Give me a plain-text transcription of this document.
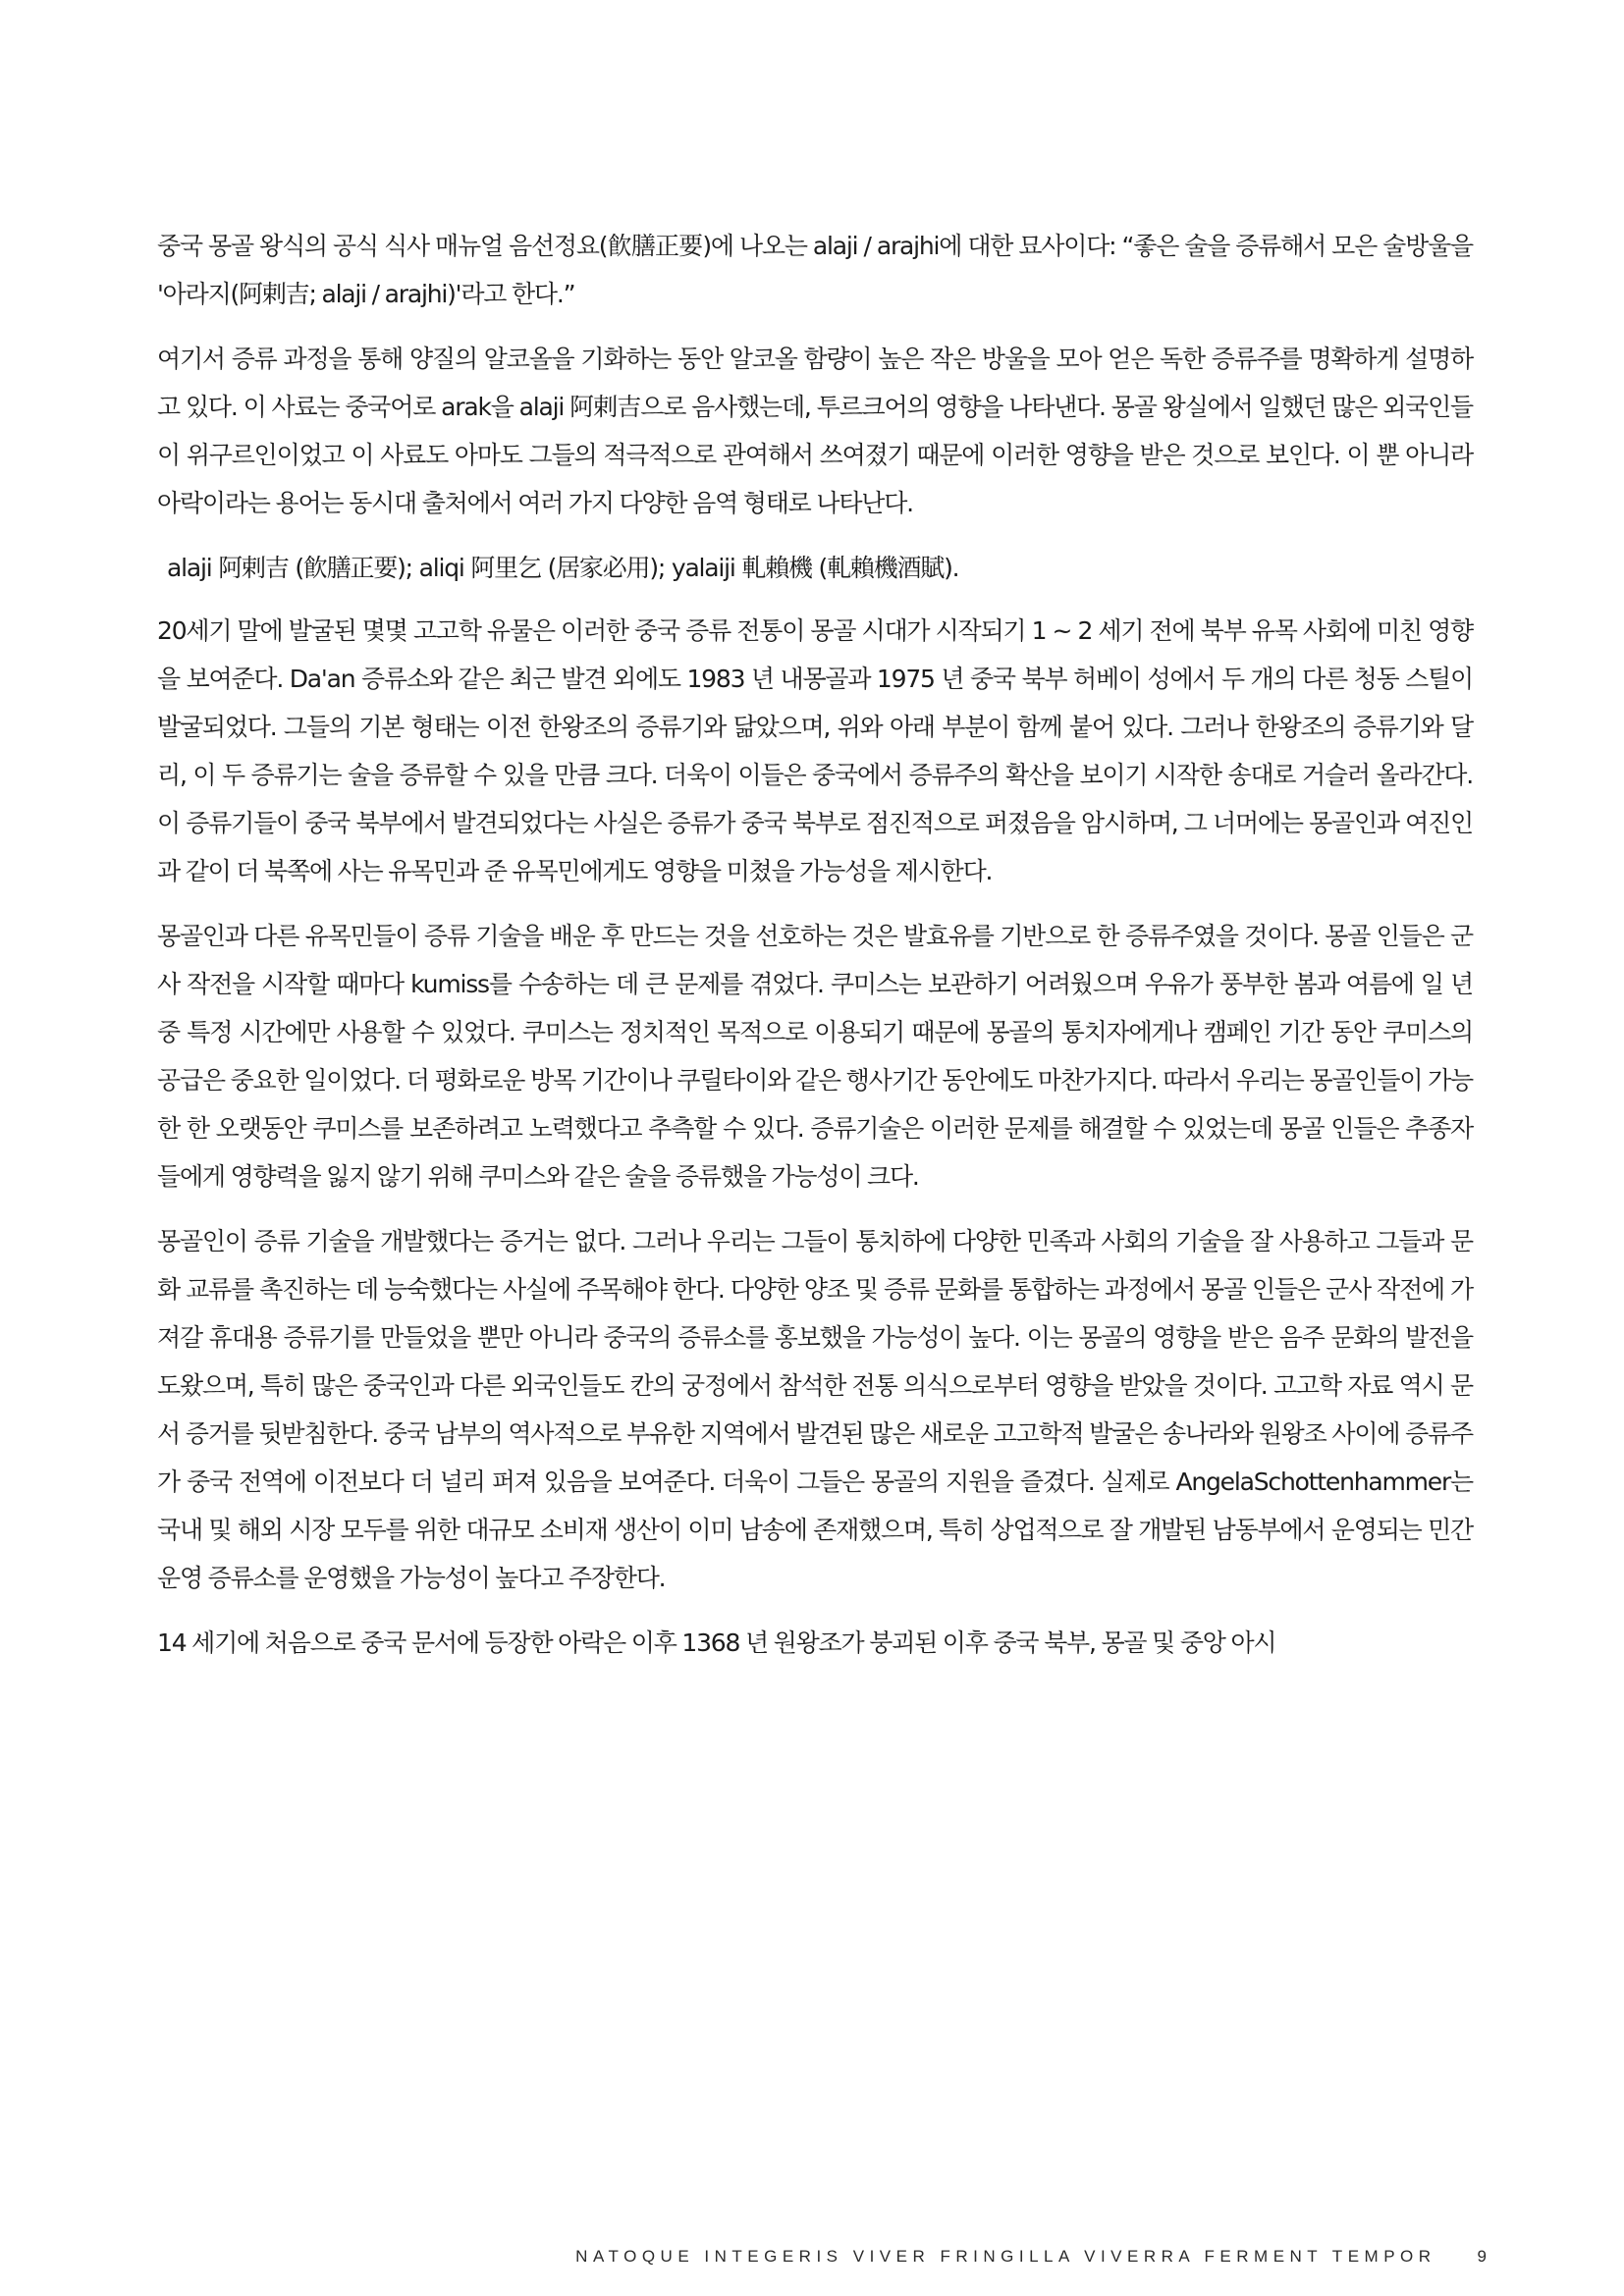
중국 몽골 왕식의 공식 식사 매뉴얼 음선정요(飮膳正要)에 나오는 alaji / arajhi에 대한 묘사이다: “좋은 술을 증류해서 모은 술방울을 '아라지(阿剌吉; alaji / arajhi)'라고 한다.”

여기서 증류 과정을 통해 양질의 알코올을 기화하는 동안 알코올 함량이 높은 작은 방울을 모아 얻은 독한 증류주를 명확하게 설명하고 있다. 이 사료는 중국어로 arak을 alaji 阿剌吉으로 음사했는데, 투르크어의 영향을 나타낸다. 몽골 왕실에서 일했던 많은 외국인들이 위구르인이었고 이 사료도 아마도 그들의 적극적으로 관여해서 쓰여졌기 때문에 이러한 영향을 받은 것으로 보인다. 이 뿐 아니라 아락이라는 용어는 동시대 출처에서 여러 가지 다양한 음역 형태로 나타난다.

alaji 阿剌吉 (飮膳正要); aliqi 阿里乞 (居家必用); yalaiji 軋賴機 (軋賴機酒賦).

20세기 말에 발굴된 몇몇 고고학 유물은 이러한 중국 증류 전통이 몽골 시대가 시작되기 1 ~ 2 세기 전에 북부 유목 사회에 미친 영향을 보여준다. Da'an 증류소와 같은 최근 발견 외에도 1983 년 내몽골과 1975 년 중국 북부 허베이 성에서 두 개의 다른 청동 스틸이 발굴되었다. 그들의 기본 형태는 이전 한왕조의 증류기와 닮았으며, 위와 아래 부분이 함께 붙어 있다. 그러나 한왕조의 증류기와 달리, 이 두 증류기는 술을 증류할 수 있을 만큼 크다. 더욱이 이들은 중국에서 증류주의 확산을 보이기 시작한 송대로 거슬러 올라간다. 이 증류기들이 중국 북부에서 발견되었다는 사실은 증류가 중국 북부로 점진적으로 퍼졌음을 암시하며, 그 너머에는 몽골인과 여진인과 같이 더 북쪽에 사는 유목민과 준 유목민에게도 영향을 미쳤을 가능성을 제시한다.

몽골인과 다른 유목민들이 증류 기술을 배운 후 만드는 것을 선호하는 것은 발효유를 기반으로 한 증류주였을 것이다. 몽골 인들은 군사 작전을 시작할 때마다 kumiss를 수송하는 데 큰 문제를 겪었다. 쿠미스는 보관하기 어려웠으며 우유가 풍부한 봄과 여름에 일 년 중 특정 시간에만 사용할 수 있었다. 쿠미스는 정치적인 목적으로 이용되기 때문에 몽골의 통치자에게나 캠페인 기간 동안 쿠미스의 공급은 중요한 일이었다. 더 평화로운 방목 기간이나 쿠릴타이와 같은 행사기간 동안에도 마찬가지다. 따라서 우리는 몽골인들이 가능한 한 오랫동안 쿠미스를 보존하려고 노력했다고 추측할 수 있다. 증류기술은 이러한 문제를 해결할 수 있었는데 몽골 인들은 추종자들에게 영향력을 잃지 않기 위해 쿠미스와 같은 술을 증류했을 가능성이 크다.

몽골인이 증류 기술을 개발했다는 증거는 없다. 그러나 우리는 그들이 통치하에 다양한 민족과 사회의 기술을 잘 사용하고 그들과 문화 교류를 촉진하는 데 능숙했다는 사실에 주목해야 한다. 다양한 양조 및 증류 문화를 통합하는 과정에서 몽골 인들은 군사 작전에 가져갈 휴대용 증류기를 만들었을 뿐만 아니라 중국의 증류소를 홍보했을 가능성이 높다. 이는 몽골의 영향을 받은 음주 문화의 발전을 도왔으며, 특히 많은 중국인과 다른 외국인들도 칸의 궁정에서 참석한 전통 의식으로부터 영향을 받았을 것이다. 고고학 자료 역시 문서 증거를 뒷받침한다. 중국 남부의 역사적으로 부유한 지역에서 발견된 많은 새로운 고고학적 발굴은 송나라와 원왕조 사이에 증류주가 중국 전역에 이전보다 더 널리 퍼져 있음을 보여준다. 더욱이 그들은 몽골의 지원을 즐겼다. 실제로 AngelaSchottenhammer는 국내 및 해외 시장 모두를 위한 대규모 소비재 생산이 이미 남송에 존재했으며, 특히 상업적으로 잘 개발된 남동부에서 운영되는 민간 운영 증류소를 운영했을 가능성이 높다고 주장한다.

14 세기에 처음으로 중국 문서에 등장한 아락은 이후 1368 년 원왕조가 붕괴된 이후 중국 북부, 몽골 및 중앙 아시

NATOQUE INTEGERIS VIVER FRINGILLA VIVERRA FERMENT TEMPOR 9
